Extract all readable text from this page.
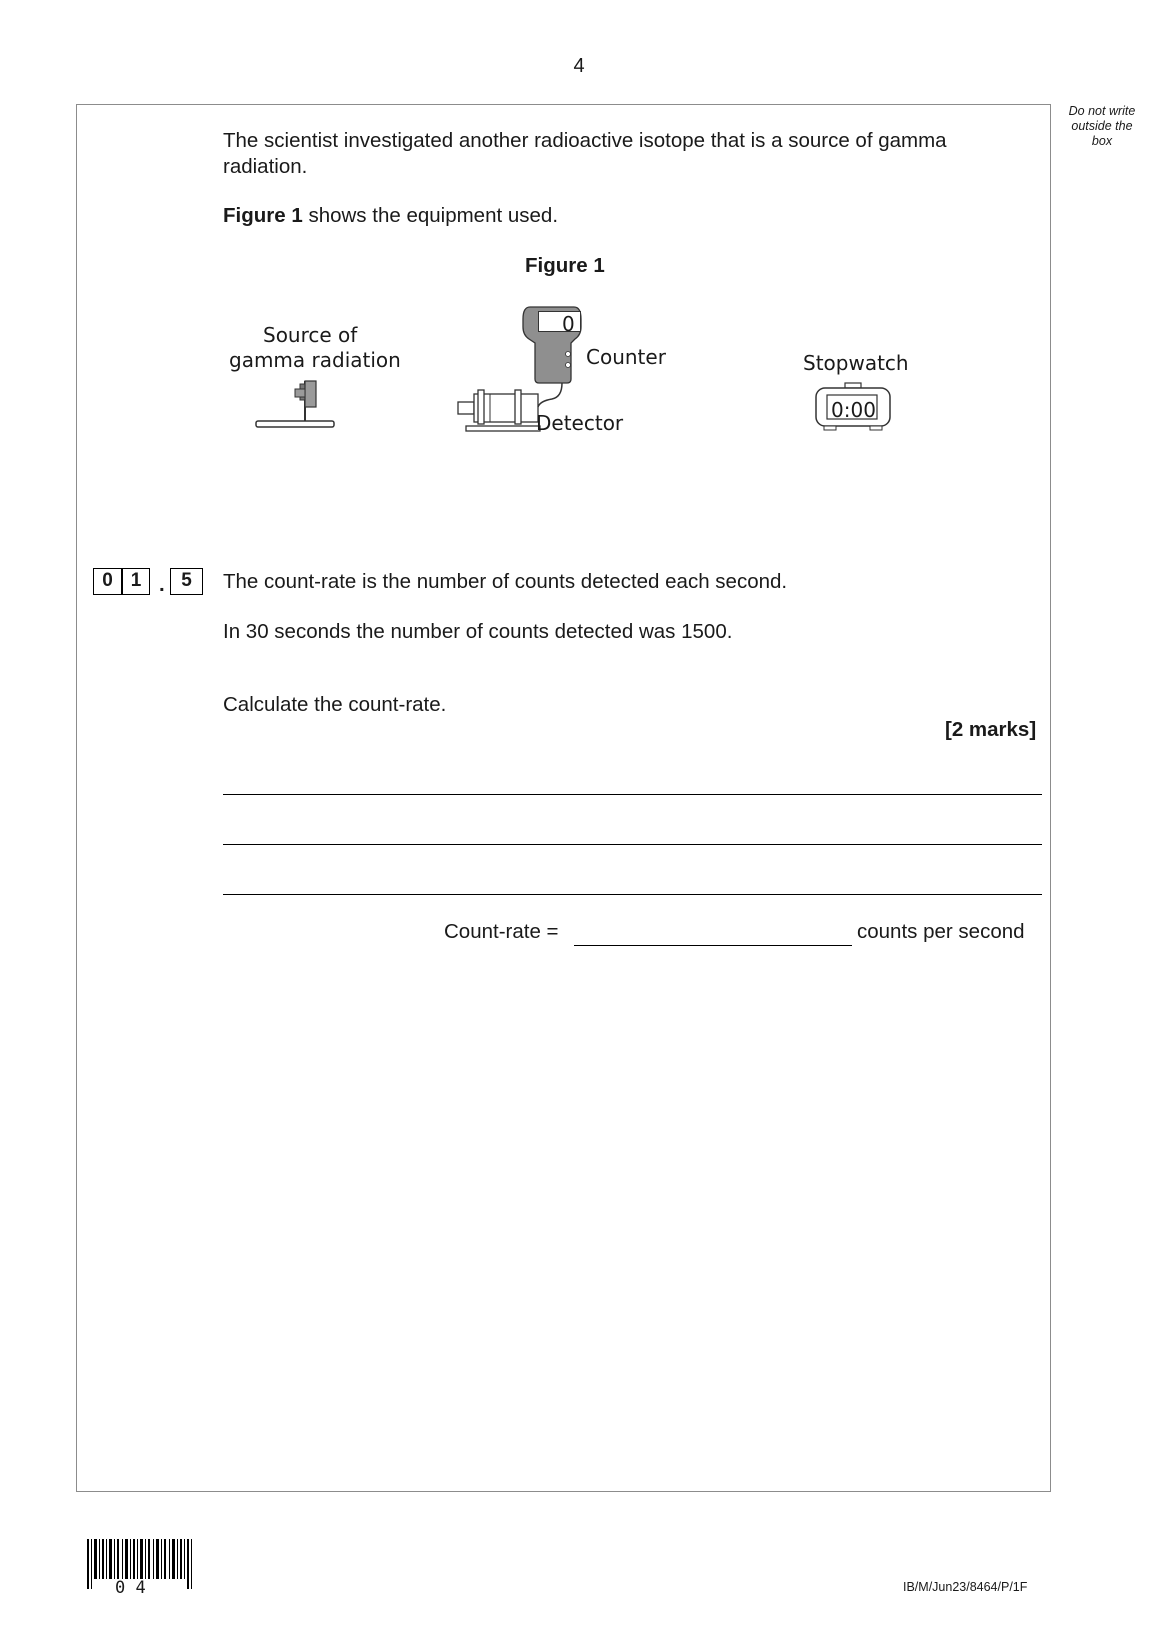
4
Do not write
outside the
box
The scientist investigated another radioactive isotope that is a source of gamma
radiation.
Figure 1 shows the equipment used.
Figure 1
Source of
gamma radiation
0
Counter
Detector
Stopwatch
0:00
0 1 . 5	The count-rate is the number of counts detected each second.
In 30 seconds the number of counts detected was 1500.
Calculate the count-rate.
[2 marks]
Count-rate =	counts per second
0 4	IB/M/Jun23/8464/P/1F
